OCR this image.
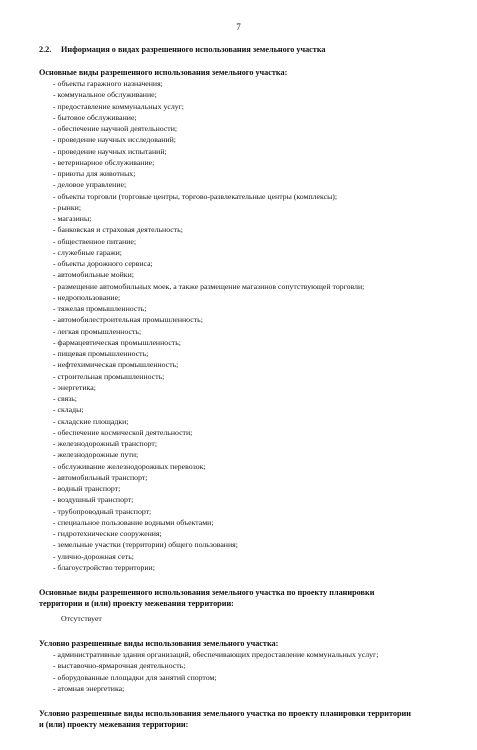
7
2.2.	Информация о видах разрешенного использования земельного участка
Основные виды разрешенного использования земельного участка:
- объекты гаражного назначения;
- коммунальное обслуживание;
- предоставление коммунальных услуг;
- бытовое обслуживание;
- обеспечение научной деятельности;
- проведение научных исследований;
- проведение научных испытаний;
- ветеринарное обслуживание;
- приюты для животных;
- деловое управление;
- объекты торговли (торговые центры, торгово-развлекательные центры (комплексы);
- рынки;
- магазины;
- банковская и страховая деятельность;
- общественное питание;
- служебные гаражи;
- объекты дорожного сервиса;
- автомобильные мойки;
- размещение автомобильных моек, а также размещение магазинов сопутствующей торговли;
- недропользование;
- тяжелая промышленность;
- автомобилестроительная промышленность;
- легкая промышленность;
- фармацевтическая промышленность;
- пищевая промышленность;
- нефтехимическая промышленность;
- строительная промышленность;
- энергетика;
- связь;
- склады;
- складские площадки;
- обеспечение космической деятельности;
- железнодорожный транспорт;
- железнодорожные пути;
- обслуживание железнодорожных перевозок;
- автомобильный транспорт;
- водный транспорт;
- воздушный транспорт;
- трубопроводный транспорт;
- специальное пользование водными объектами;
- гидротехнические сооружения;
- земельные участки (территории) общего пользования;
- улично-дорожная сеть;
- благоустройство территории;
Основные виды разрешенного использования земельного участка по проекту планировки
территории и (или) проекту межевания территории:

Отсутствует

Условно разрешенные виды использования земельного участка:
- административные здания организаций, обеспечивающих предоставление коммунальных услуг;
- выставочно-ярмарочная деятельность;
- оборудованные площадки для занятий спортом;
- атомная энергетика;
Условно разрешенные виды использования земельного участка по проекту планировки территории
и (или) проекту межевания территории:
